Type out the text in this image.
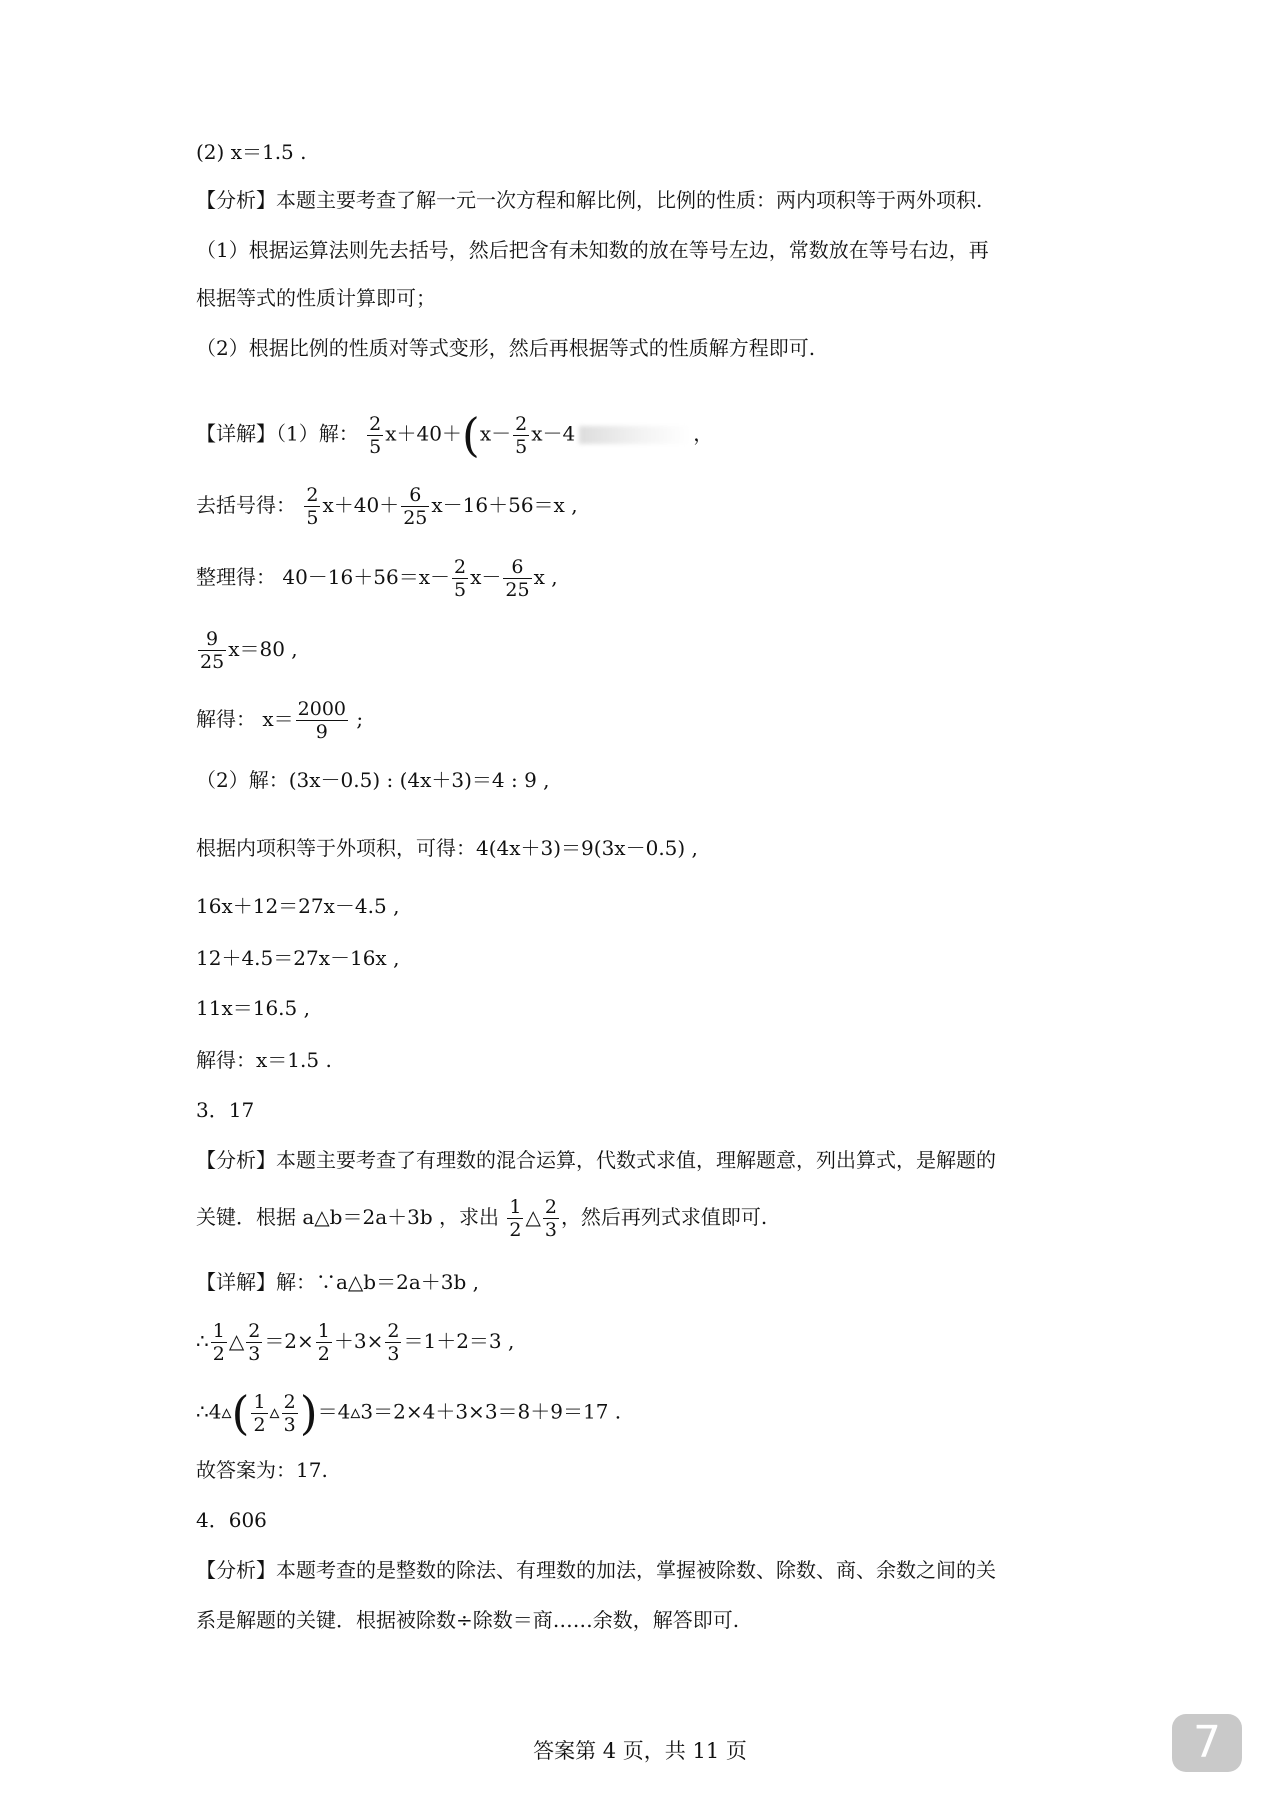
(2) x＝1.5 .
【分析】本题主要考查了解一元一次方程和解比例，比例的性质：两内项积等于两外项积.
（1）根据运算法则先去括号，然后把含有未知数的放在等号左边，常数放在等号右边，再
根据等式的性质计算即可；
（2）根据比例的性质对等式变形，然后再根据等式的性质解方程即可.
【详解】（1）解： $\frac{2}{5} x+40+(x- \frac{2}{5} x-4$	，
去括号得： $\frac{2}{5} x+40+ \frac{6}{25} x-16+56=x$ ,
整理得： $40-16+56=x- \frac{2}{5} x- \frac{6}{25}$ x ,
$\frac{9}{25} x=80$ ,
解得： $x= \frac{2000}{9}$ ;
（2）解：(3x－0.5) : (4x＋3)＝4 : 9 ,
根据内项积等于外项积，可得：4(4x＋3)＝9(3x－0.5) ,
16x＋12＝27x－4.5 ,
12＋4.5＝27x－16x ,
11x＝16.5 ,
解得：x＝1.5 .
3．17
【分析】本题主要考查了有理数的混合运算，代数式求值，理解题意，列出算式，是解题的
关键．根据 a△b＝2a＋3b ，求出 $\frac{1}{2}$ △ $\frac{2}{3}$ ，然后再列式求值即可.
【详解】解：∵a△b＝2a＋3b ,
∴ $\frac{1}{2}$ △ $\frac{2}{3} =2\times \frac{1}{2} +3\times \frac{2}{3} =1+2=3$ ,
∴4▵( $\frac{1}{2}$ ▵ $\frac{2}{3}$ )＝4▵3＝2×4＋3×3＝8＋9＝17 .
故答案为：17.
4．606
【分析】本题考查的是整数的除法、有理数的加法，掌握被除数、除数、商、余数之间的关
系是解题的关键．根据被除数÷除数＝商……余数，解答即可.
答案第 4 页，共 11 页	7
